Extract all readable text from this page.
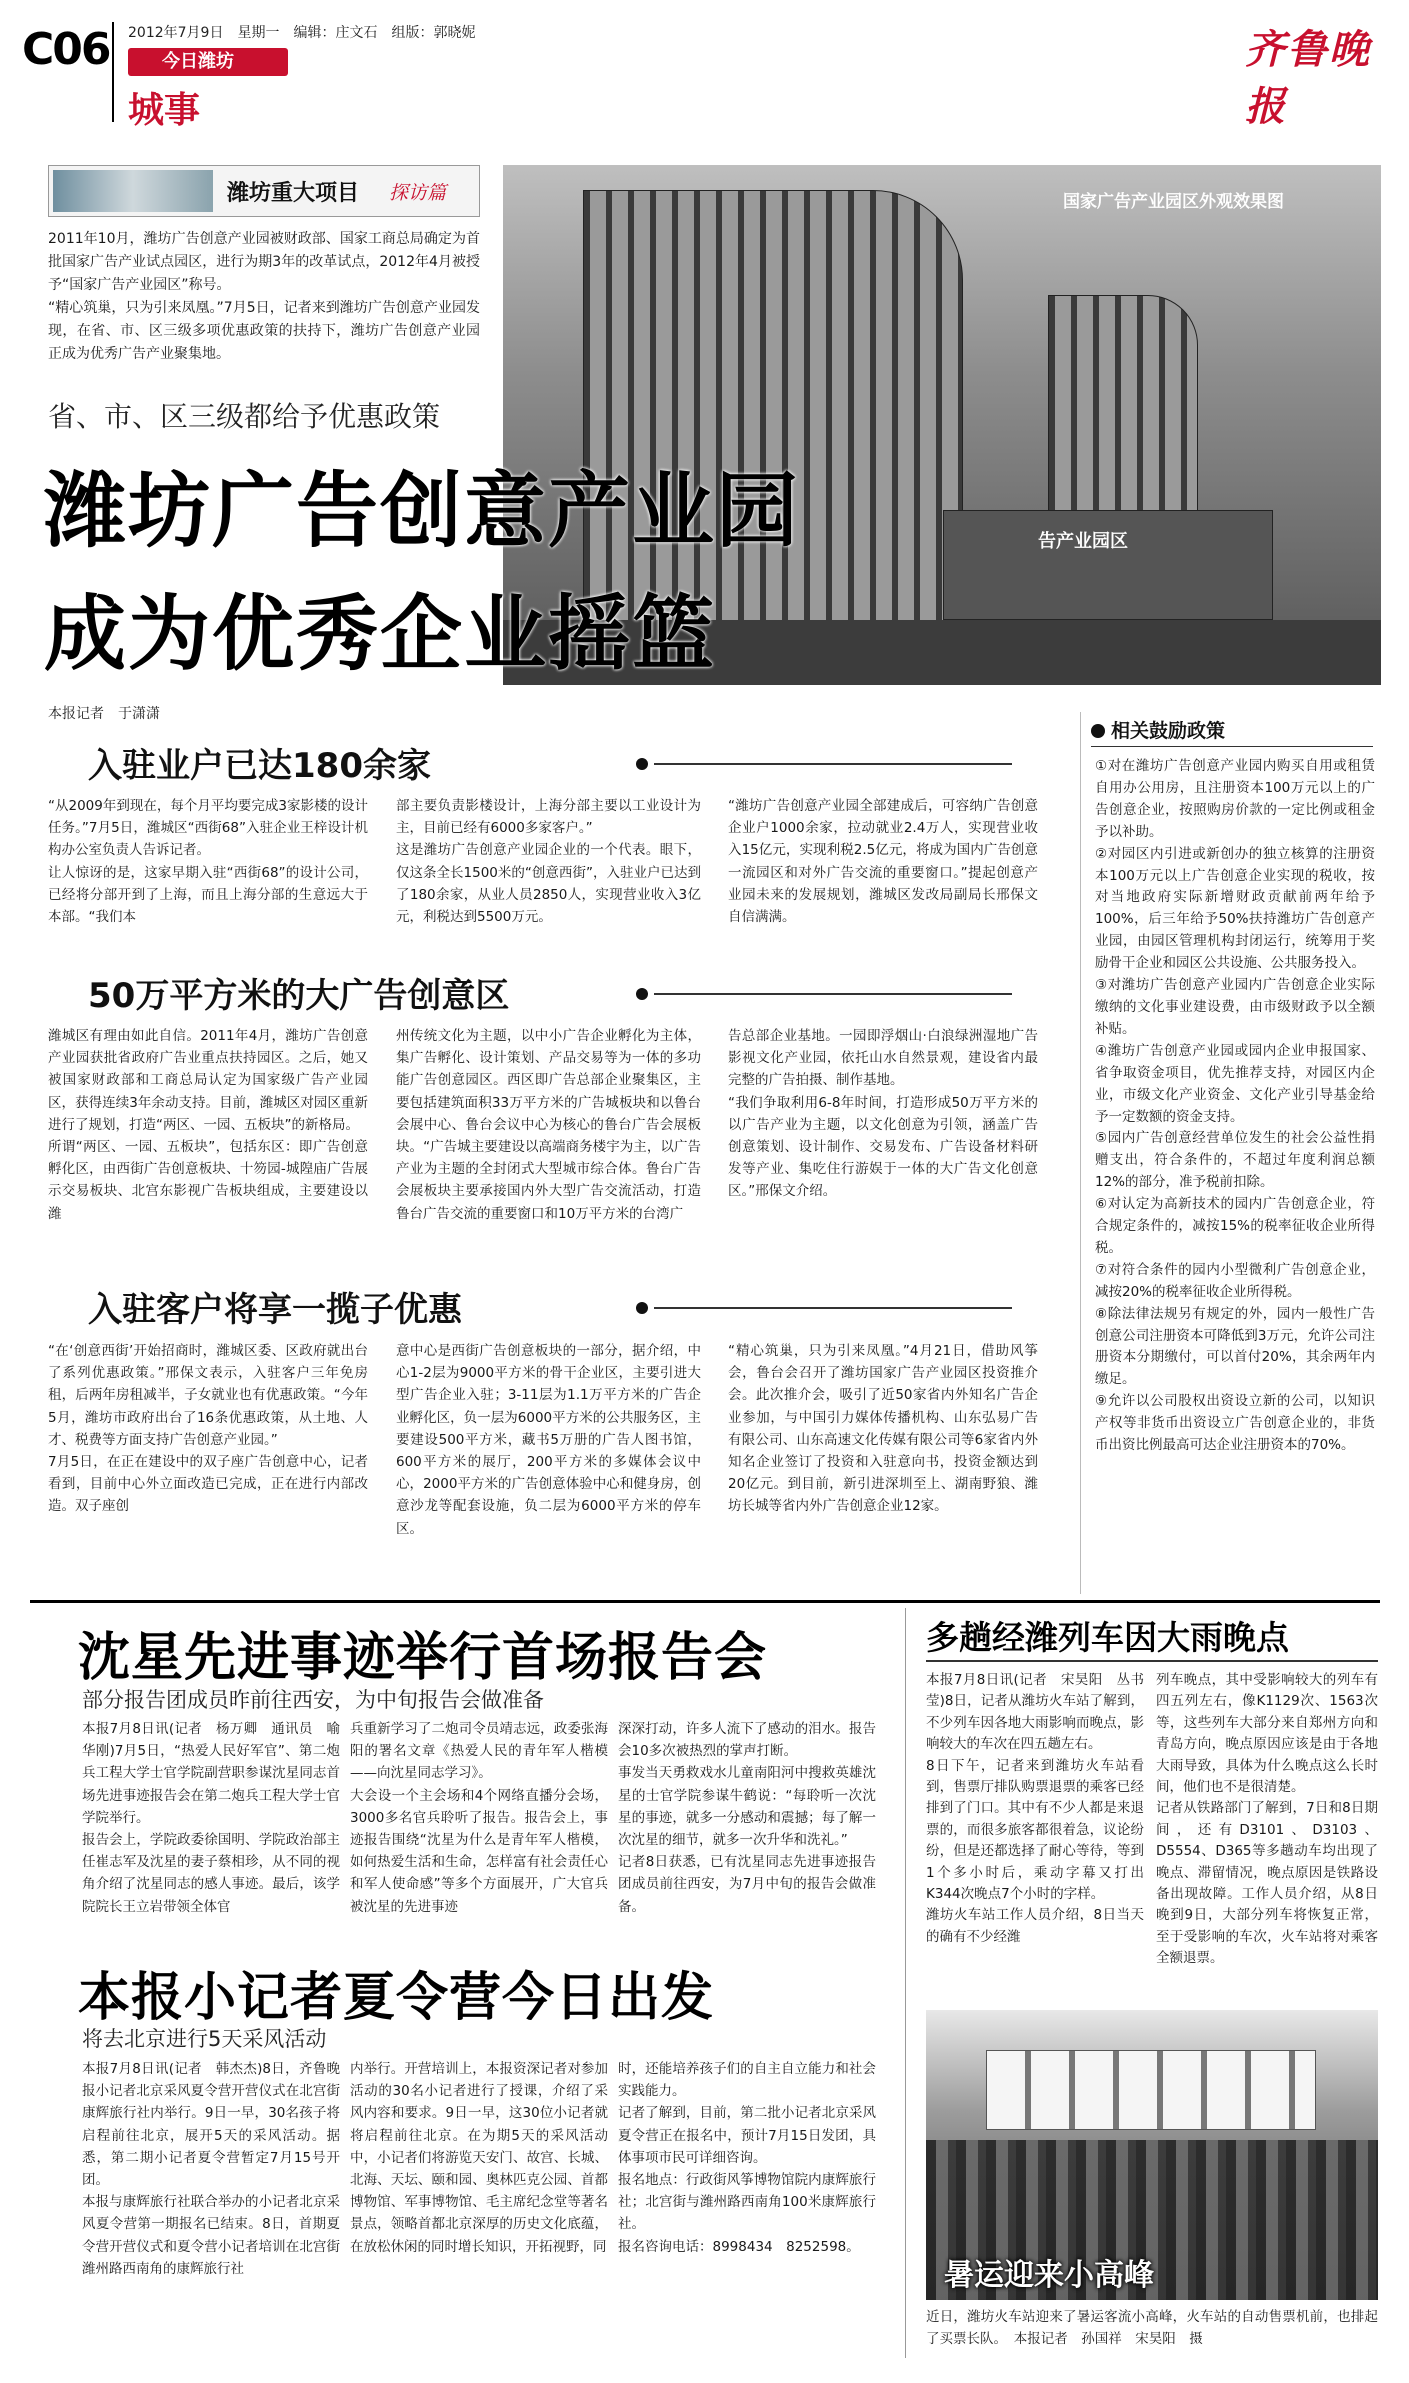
C06 2012年7月9日　星期一　编辑：庄文石　组版：郭晓妮
今日潍坊
城事
齐鲁晚报
潍坊重大项目 探访篇
2011年10月，潍坊广告创意产业园被财政部、国家工商总局确定为首批国家广告产业试点园区，进行为期3年的改革试点，2012年4月被授予“国家广告产业园区”称号。
“精心筑巢，只为引来凤凰。”7月5日，记者来到潍坊广告创意产业园发现，在省、市、区三级多项优惠政策的扶持下，潍坊广告创意产业园正成为优秀广告产业聚集地。
告产业园区
国家广告产业园区外观效果图
省、市、区三级都给予优惠政策
潍坊广告创意产业园
成为优秀企业摇篮
本报记者　于潇潇
入驻业户已达180余家
“从2009年到现在，每个月平均要完成3家影楼的设计任务。”7月5日，潍城区“西街68”入驻企业王梓设计机构办公室负责人告诉记者。
让人惊讶的是，这家早期入驻“西街68”的设计公司，已经将分部开到了上海，而且上海分部的生意远大于本部。“我们本
部主要负责影楼设计，上海分部主要以工业设计为主，目前已经有6000多家客户。”
这是潍坊广告创意产业园企业的一个代表。眼下，仅这条全长1500米的“创意西街”，入驻业户已达到了180余家，从业人员2850人，实现营业收入3亿元，利税达到5500万元。
“潍坊广告创意产业园全部建成后，可容纳广告创意企业户1000余家，拉动就业2.4万人，实现营业收入15亿元，实现利税2.5亿元，将成为国内广告创意一流园区和对外广告交流的重要窗口。”提起创意产业园未来的发展规划，潍城区发改局副局长邢保文自信满满。
50万平方米的大广告创意区
潍城区有理由如此自信。2011年4月，潍坊广告创意产业园获批省政府广告业重点扶持园区。之后，她又被国家财政部和工商总局认定为国家级广告产业园区，获得连续3年余动支持。目前，潍城区对园区重新进行了规划，打造“两区、一园、五板块”的新格局。
所谓“两区、一园、五板块”，包括东区：即广告创意孵化区，由西街广告创意板块、十笏园-城隍庙广告展示交易板块、北宫东影视广告板块组成，主要建设以潍
州传统文化为主题，以中小广告企业孵化为主体，集广告孵化、设计策划、产品交易等为一体的多功能广告创意园区。西区即广告总部企业聚集区，主要包括建筑面积33万平方米的广告城板块和以鲁台会展中心、鲁台会议中心为核心的鲁台广告会展板块。“广告城主要建设以高端商务楼宇为主，以广告产业为主题的全封闭式大型城市综合体。鲁台广告会展板块主要承接国内外大型广告交流活动，打造鲁台广告交流的重要窗口和10万平方米的台湾广
告总部企业基地。一园即浮烟山·白浪绿洲湿地广告影视文化产业园，依托山水自然景观，建设省内最完整的广告拍摄、制作基地。
“我们争取利用6-8年时间，打造形成50万平方米的以广告产业为主题，以文化创意为引领，涵盖广告创意策划、设计制作、交易发布、广告设备材料研发等产业、集吃住行游娱于一体的大广告文化创意区。”邢保文介绍。
入驻客户将享一揽子优惠
“在‘创意西街’开始招商时，潍城区委、区政府就出台了系列优惠政策。”邢保文表示，入驻客户三年免房租，后两年房租减半，子女就业也有优惠政策。“今年5月，潍坊市政府出台了16条优惠政策，从土地、人才、税费等方面支持广告创意产业园。”
7月5日，在正在建设中的双子座广告创意中心，记者看到，目前中心外立面改造已完成，正在进行内部改造。双子座创
意中心是西街广告创意板块的一部分，据介绍，中心1-2层为9000平方米的骨干企业区，主要引进大型广告企业入驻；3-11层为1.1万平方米的广告企业孵化区，负一层为6000平方米的公共服务区，主要建设500平方米，藏书5万册的广告人图书馆，600平方米的展厅，200平方米的多媒体会议中心，2000平方米的广告创意体验中心和健身房，创意沙龙等配套设施，负二层为6000平方米的停车区。
“精心筑巢，只为引来凤凰。”4月21日，借助风筝会，鲁台会召开了潍坊国家广告产业园区投资推介会。此次推介会，吸引了近50家省内外知名广告企业参加，与中国引力媒体传播机构、山东弘易广告有限公司、山东高速文化传媒有限公司等6家省内外知名企业签订了投资和入驻意向书，投资金额达到20亿元。到目前，新引进深圳至上、湖南野狼、潍坊长城等省内外广告创意企业12家。
相关鼓励政策
①对在潍坊广告创意产业园内购买自用或租赁自用办公用房，且注册资本100万元以上的广告创意企业，按照购房价款的一定比例或租金予以补助。
②对园区内引进或新创办的独立核算的注册资本100万元以上广告创意企业实现的税收，按对当地政府实际新增财政贡献前两年给予100%，后三年给予50%扶持潍坊广告创意产业园，由园区管理机构封闭运行，统筹用于奖励骨干企业和园区公共设施、公共服务投入。
③对潍坊广告创意产业园内广告创意企业实际缴纳的文化事业建设费，由市级财政予以全额补贴。
④潍坊广告创意产业园或园内企业申报国家、省争取资金项目，优先推荐支持，对园区内企业，市级文化产业资金、文化产业引导基金给予一定数额的资金支持。
⑤园内广告创意经营单位发生的社会公益性捐赠支出，符合条件的，不超过年度利润总额12%的部分，准予税前扣除。
⑥对认定为高新技术的园内广告创意企业，符合规定条件的，减按15%的税率征收企业所得税。
⑦对符合条件的园内小型微利广告创意企业，减按20%的税率征收企业所得税。
⑧除法律法规另有规定的外，园内一般性广告创意公司注册资本可降低到3万元，允许公司注册资本分期缴付，可以首付20%，其余两年内缴足。
⑨允许以公司股权出资设立新的公司，以知识产权等非货币出资设立广告创意企业的，非货币出资比例最高可达企业注册资本的70%。
沈星先进事迹举行首场报告会
部分报告团成员昨前往西安，为中旬报告会做准备
本报7月8日讯(记者　杨万卿　通讯员　喻华刚)7月5日，“热爱人民好军官”、第二炮兵工程大学士官学院副营职参谋沈星同志首场先进事迹报告会在第二炮兵工程大学士官学院举行。
报告会上，学院政委徐国明、学院政治部主任崔志军及沈星的妻子蔡相珍，从不同的视角介绍了沈星同志的感人事迹。最后，该学院院长王立岩带领全体官
兵重新学习了二炮司令员靖志远，政委张海阳的署名文章《热爱人民的青年军人楷模——向沈星同志学习》。
大会设一个主会场和4个网络直播分会场，3000多名官兵聆听了报告。报告会上，事迹报告围绕“沈星为什么是青年军人楷模，如何热爱生活和生命，怎样富有社会责任心和军人使命感”等多个方面展开，广大官兵被沈星的先进事迹
深深打动，许多人流下了感动的泪水。报告会10多次被热烈的掌声打断。
事发当天勇救戏水儿童南阳河中搜救英雄沈星的士官学院参谋牛鹤说：“每聆听一次沈星的事迹，就多一分感动和震撼；每了解一次沈星的细节，就多一次升华和洗礼。”
记者8日获悉，已有沈星同志先进事迹报告团成员前往西安，为7月中旬的报告会做准备。
本报小记者夏令营今日出发
将去北京进行5天采风活动
本报7月8日讯(记者　韩杰杰)8日，齐鲁晚报小记者北京采风夏令营开营仪式在北宫街康辉旅行社内举行。9日一早，30名孩子将启程前往北京，展开5天的采风活动。据悉，第二期小记者夏令营暂定7月15号开团。
本报与康辉旅行社联合举办的小记者北京采风夏令营第一期报名已结束。8日，首期夏令营开营仪式和夏令营小记者培训在北宫街潍州路西南角的康辉旅行社
内举行。开营培训上，本报资深记者对参加活动的30名小记者进行了授课，介绍了采风内容和要求。9日一早，这30位小记者就将启程前往北京。在为期5天的采风活动中，小记者们将游览天安门、故宫、长城、北海、天坛、颐和园、奥林匹克公园、首都博物馆、军事博物馆、毛主席纪念堂等著名景点，领略首都北京深厚的历史文化底蕴，在放松休闲的同时增长知识，开拓视野，同
时，还能培养孩子们的自主自立能力和社会实践能力。
记者了解到，目前，第二批小记者北京采风夏令营正在报名中，预计7月15日发团，具体事项市民可详细咨询。
报名地点：行政街风筝博物馆院内康辉旅行社；北宫街与潍州路西南角100米康辉旅行社。
报名咨询电话：8998434　8252598。
多趟经潍列车因大雨晚点
本报7月8日讯(记者　宋昊阳　丛书莹)8日，记者从潍坊火车站了解到，不少列车因各地大雨影响而晚点，影响较大的车次在四五趟左右。
8日下午，记者来到潍坊火车站看到，售票厅排队购票退票的乘客已经排到了门口。其中有不少人都是来退票的，而很多旅客都很着急，议论纷纷，但是还都选择了耐心等待，等到1个多小时后，乘动字幕又打出K344次晚点7个小时的字样。
潍坊火车站工作人员介绍，8日当天的确有不少经潍
列车晚点，其中受影响较大的列车有四五列左右，像K1129次、1563次等，这些列车大部分来自郑州方向和青岛方向，晚点原因应该是由于各地大雨导致，具体为什么晚点这么长时间，他们也不是很清楚。
记者从铁路部门了解到，7日和8日期间，还有D3101、D3103、D5554、D365等多趟动车均出现了晚点、滞留情况，晚点原因是铁路设备出现故障。工作人员介绍，从8日晚到9日，大部分列车将恢复正常，至于受影响的车次，火车站将对乘客全额退票。
暑运迎来小高峰
近日，潍坊火车站迎来了暑运客流小高峰，火车站的自动售票机前，也排起了买票长队。　本报记者　孙国祥　宋昊阳　摄
